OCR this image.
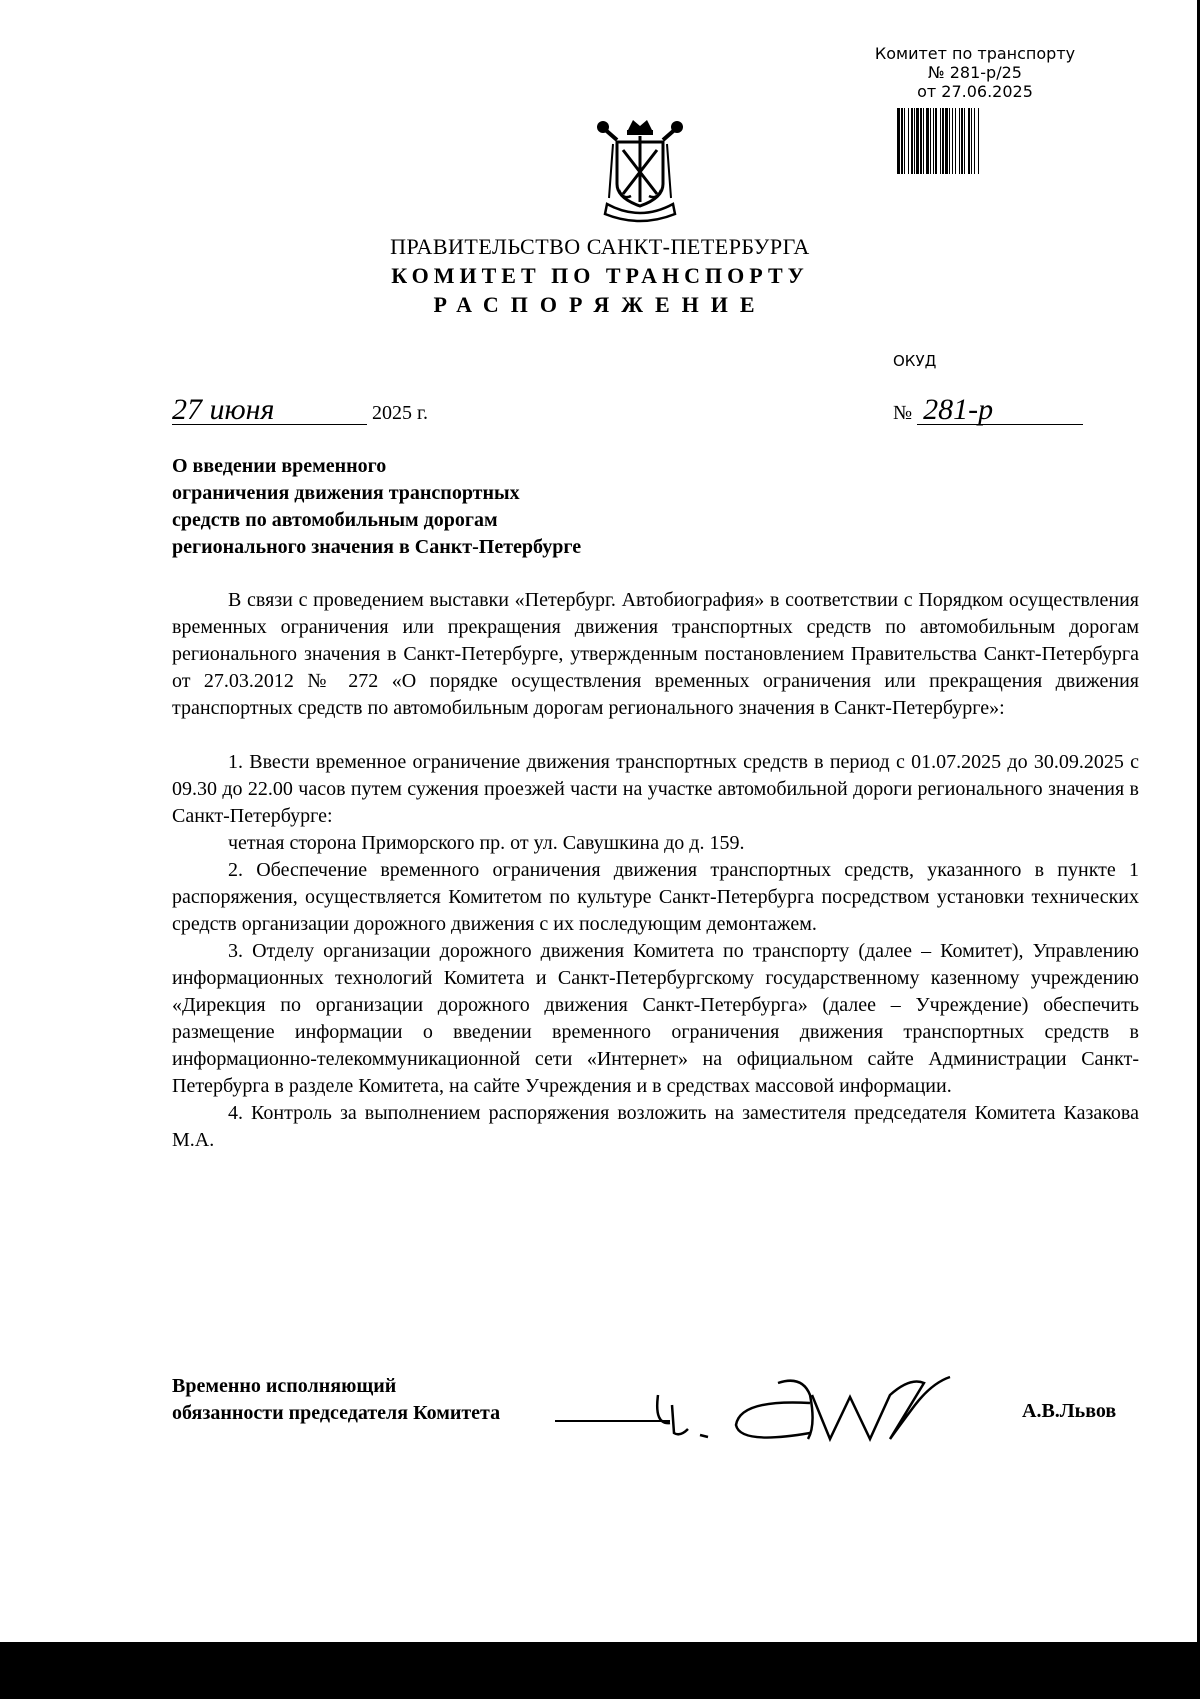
Комитет по транспорту
№ 281-р/25
от 27.06.2025
ПРАВИТЕЛЬСТВО САНКТ-ПЕТЕРБУРГА
КОМИТЕТ ПО ТРАНСПОРТУ
РАСПОРЯЖЕНИЕ
ОКУД
27 июня	2025 г.	№ 281-р
О введении временного
ограничения движения транспортных
средств по автомобильным дорогам
регионального значения в Санкт-Петербурге

В связи с проведением выставки «Петербург. Автобиография» в соответствии с Порядком осуществления временных ограничения или прекращения движения транспортных средств по автомобильным дорогам регионального значения в Санкт-Петербурге, утвержденным постановлением Правительства Санкт-Петербурга от 27.03.2012 № 272 «О порядке осуществления временных ограничения или прекращения движения транспортных средств по автомобильным дорогам регионального значения в Санкт-Петербурге»:

1. Ввести временное ограничение движения транспортных средств в период с 01.07.2025 до 30.09.2025 с 09.30 до 22.00 часов путем сужения проезжей части на участке автомобильной дороги регионального значения в Санкт-Петербурге:

четная сторона Приморского пр. от ул. Савушкина до д. 159.

2. Обеспечение временного ограничения движения транспортных средств, указанного в пункте 1 распоряжения, осуществляется Комитетом по культуре Санкт-Петербурга посредством установки технических средств организации дорожного движения с их последующим демонтажем.

3. Отделу организации дорожного движения Комитета по транспорту (далее – Комитет), Управлению информационных технологий Комитета и Санкт-Петербургскому государственному казенному учреждению «Дирекция по организации дорожного движения Санкт-Петербурга» (далее – Учреждение) обеспечить размещение информации о введении временного ограничения движения транспортных средств в информационно-телекоммуникационной сети «Интернет» на официальном сайте Администрации Санкт-Петербурга в разделе Комитета, на сайте Учреждения и в средствах массовой информации.

4. Контроль за выполнением распоряжения возложить на заместителя председателя Комитета Казакова М.А.

Временно исполняющий
обязанности председателя Комитета	А.В.Львов
